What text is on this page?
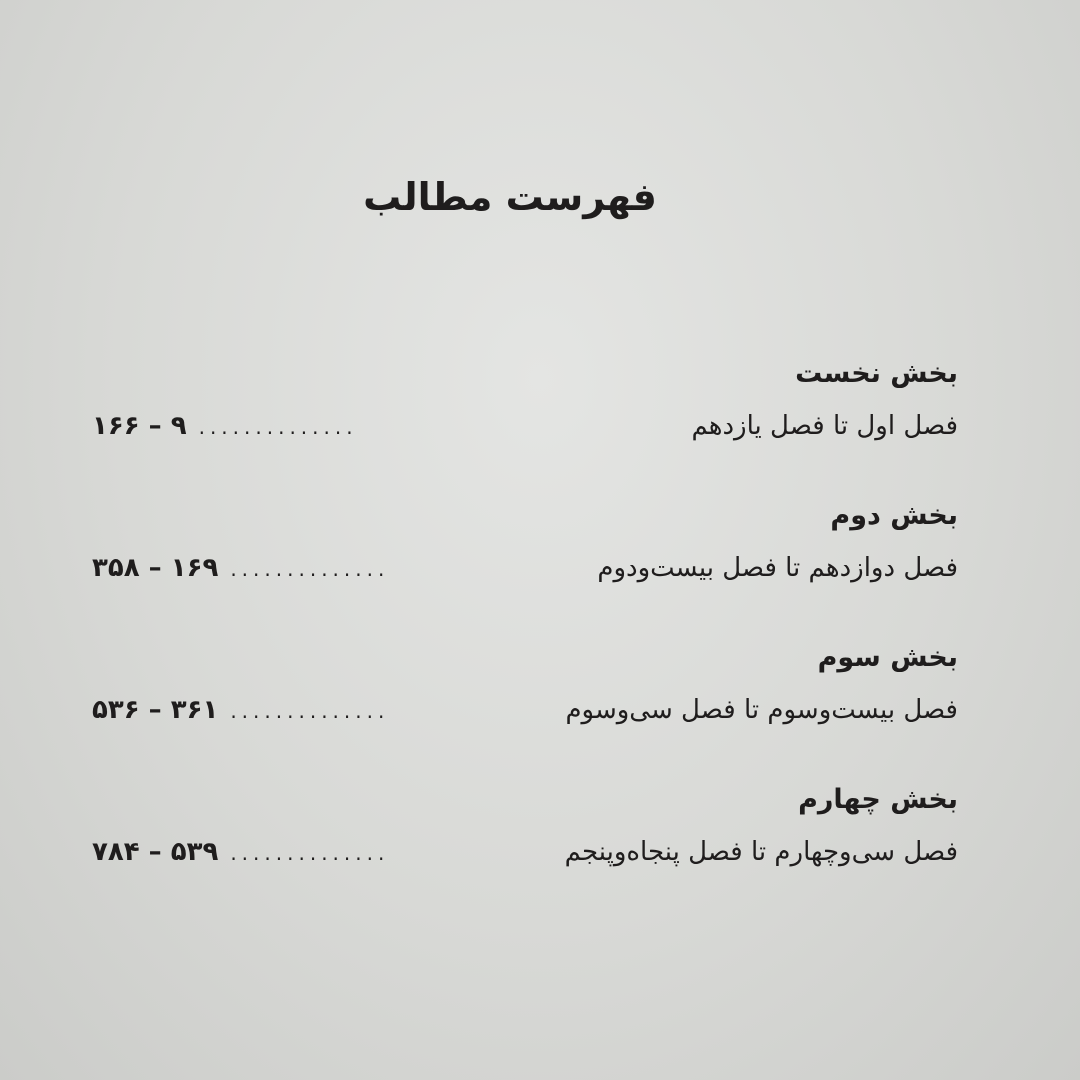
فهرست مطالب
بخش نخست
فصل اول تا فصل یازدهم
..............
۹ – ۱۶۶
بخش دوم
فصل دوازدهم تا فصل بیست‌ودوم
..............
۱۶۹ – ۳۵۸
بخش سوم
فصل بیست‌وسوم تا فصل سی‌وسوم
..............
۳۶۱ – ۵۳۶
بخش چهارم
فصل سی‌وچهارم تا فصل پنجاه‌وپنجم
..............
۵۳۹ – ۷۸۴
